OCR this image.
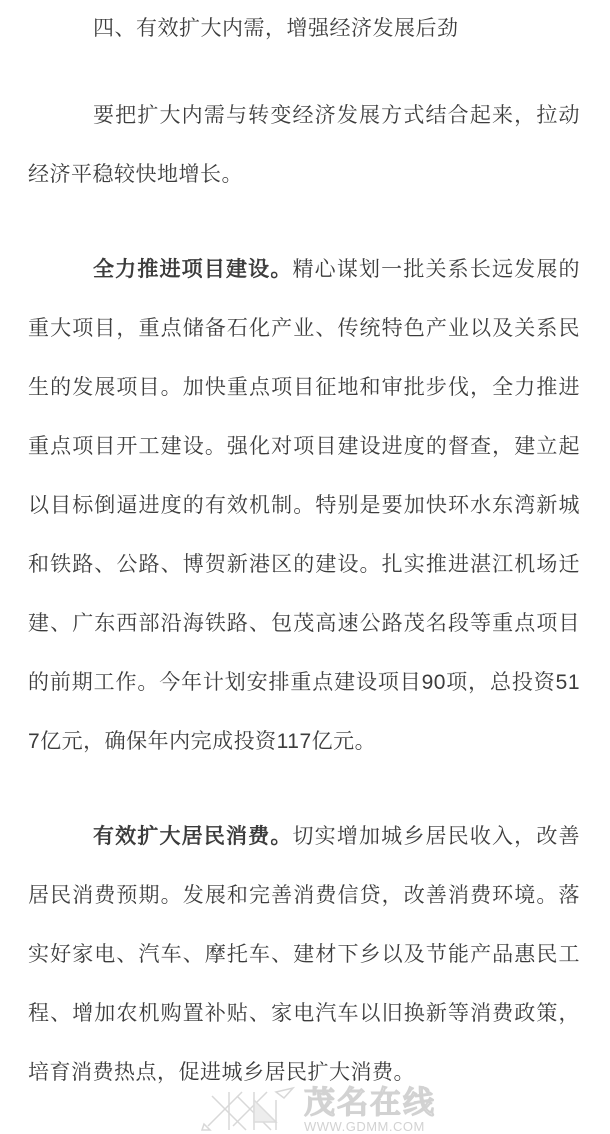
四、有效扩大内需，增强经济发展后劲
要把扩大内需与转变经济发展方式结合起来，拉动经济平稳较快地增长。
全力推进项目建设。精心谋划一批关系长远发展的重大项目，重点储备石化产业、传统特色产业以及关系民生的发展项目。加快重点项目征地和审批步伐，全力推进重点项目开工建设。强化对项目建设进度的督查，建立起以目标倒逼进度的有效机制。特别是要加快环水东湾新城和铁路、公路、博贺新港区的建设。扎实推进湛江机场迁建、广东西部沿海铁路、包茂高速公路茂名段等重点项目的前期工作。今年计划安排重点建设项目90项，总投资517亿元，确保年内完成投资117亿元。
有效扩大居民消费。切实增加城乡居民收入，改善居民消费预期。发展和完善消费信贷，改善消费环境。落实好家电、汽车、摩托车、建材下乡以及节能产品惠民工程、增加农机购置补贴、家电汽车以旧换新等消费政策，培育消费热点，促进城乡居民扩大消费。
茂名在线
WWW.GDMM.COM
